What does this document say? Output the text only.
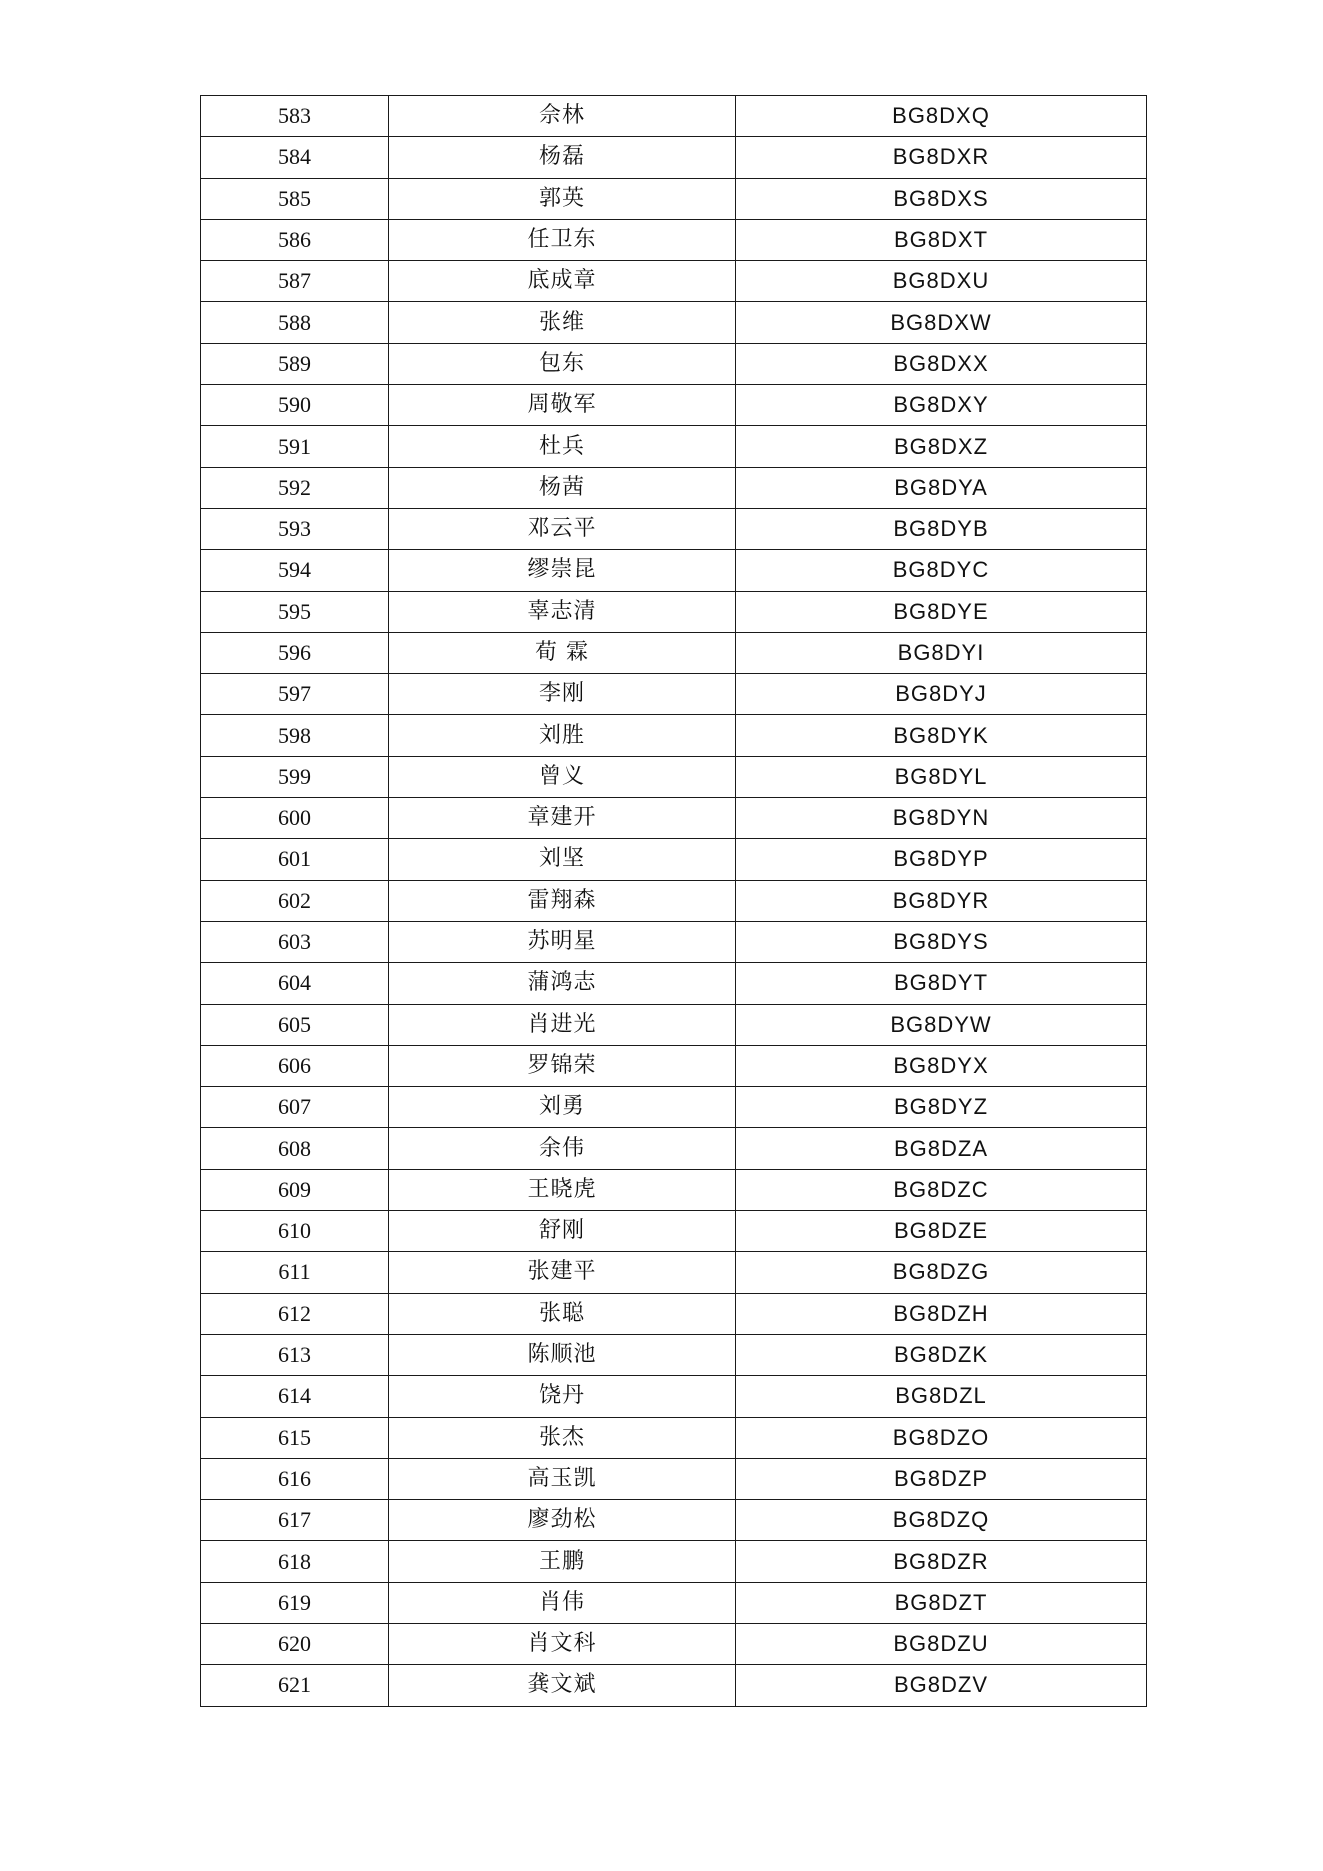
583	佘林	BG8DXQ
584	杨磊	BG8DXR
585	郭英	BG8DXS
586	任卫东	BG8DXT
587	底成章	BG8DXU
588	张维	BG8DXW
589	包东	BG8DXX
590	周敬军	BG8DXY
591	杜兵	BG8DXZ
592	杨茜	BG8DYA
593	邓云平	BG8DYB
594	缪崇昆	BG8DYC
595	辜志清	BG8DYE
596	荀 霖	BG8DYI
597	李刚	BG8DYJ
598	刘胜	BG8DYK
599	曾义	BG8DYL
600	章建开	BG8DYN
601	刘坚	BG8DYP
602	雷翔森	BG8DYR
603	苏明星	BG8DYS
604	蒲鸿志	BG8DYT
605	肖进光	BG8DYW
606	罗锦荣	BG8DYX
607	刘勇	BG8DYZ
608	余伟	BG8DZA
609	王晓虎	BG8DZC
610	舒刚	BG8DZE
611	张建平	BG8DZG
612	张聪	BG8DZH
613	陈顺池	BG8DZK
614	饶丹	BG8DZL
615	张杰	BG8DZO
616	高玉凯	BG8DZP
617	廖劲松	BG8DZQ
618	王鹏	BG8DZR
619	肖伟	BG8DZT
620	肖文科	BG8DZU
621	龚文斌	BG8DZV
